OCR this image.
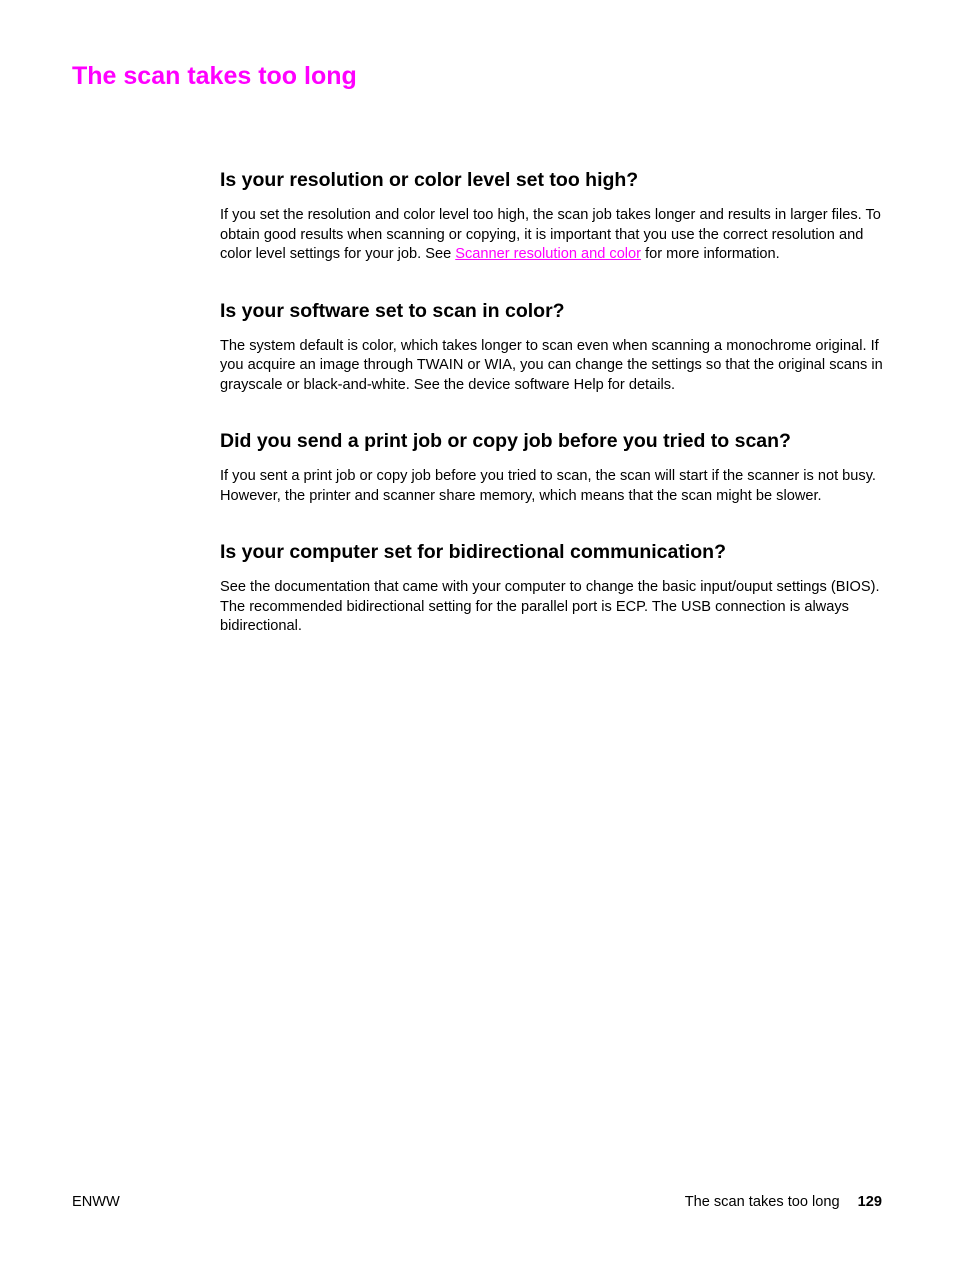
The scan takes too long
Is your resolution or color level set too high?

If you set the resolution and color level too high, the scan job takes longer and results in larger files. To obtain good results when scanning or copying, it is important that you use the correct resolution and color level settings for your job. See Scanner resolution and color for more information.

Is your software set to scan in color?

The system default is color, which takes longer to scan even when scanning a monochrome original. If you acquire an image through TWAIN or WIA, you can change the settings so that the original scans in grayscale or black-and-white. See the device software Help for details.

Did you send a print job or copy job before you tried to scan?

If you sent a print job or copy job before you tried to scan, the scan will start if the scanner is not busy. However, the printer and scanner share memory, which means that the scan might be slower.

Is your computer set for bidirectional communication?

See the documentation that came with your computer to change the basic input/ouput settings (BIOS). The recommended bidirectional setting for the parallel port is ECP. The USB connection is always bidirectional.

ENWW	The scan takes too long 129
